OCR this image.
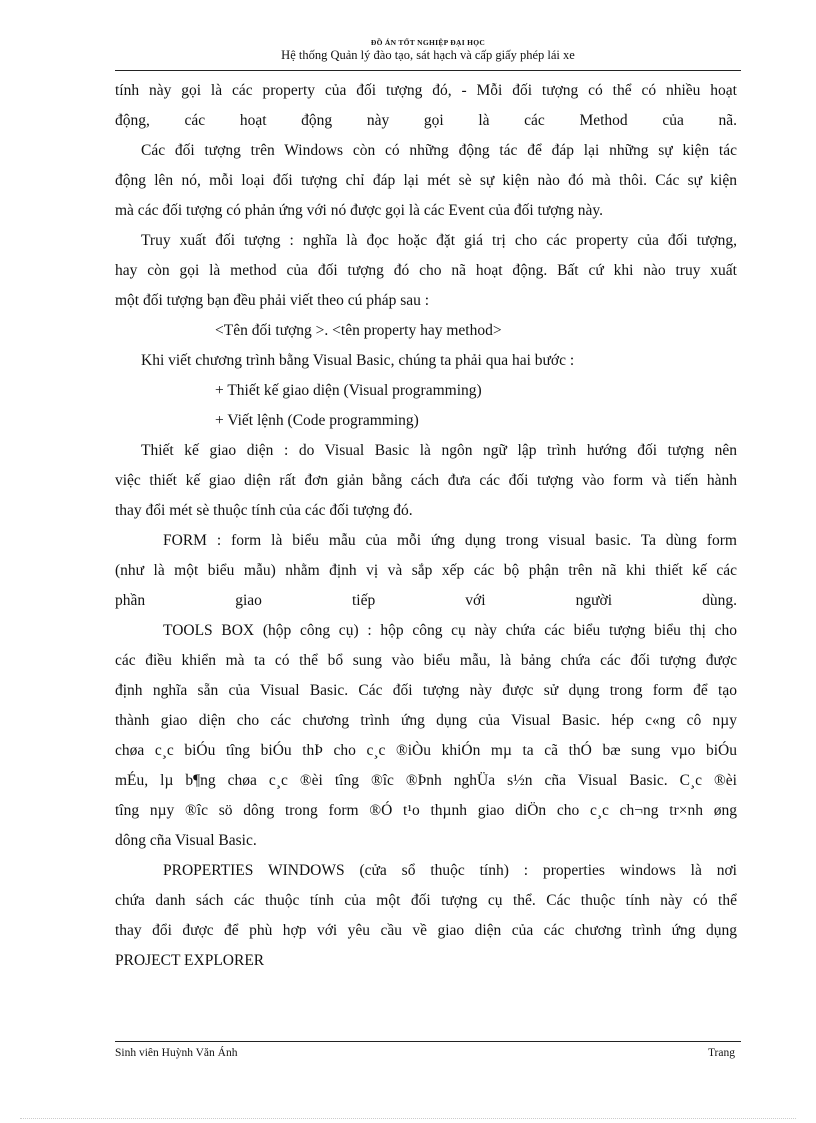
ĐỒ ÁN TỐT NGHIỆP ĐẠI HỌC
Hệ thống Quản lý đào tạo, sát hạch và cấp giấy phép lái xe
tính này gọi là các property của đối tượng đó, - Mỗi đối tượng có thể có nhiều hoạt
động, các hoạt động này gọi là các Method của nã.
Các đối tượng trên Windows còn có những động tác để đáp lại những sự kiện tác
động lên nó, mỗi loại đối tượng chỉ đáp lại mét sè sự kiện nào đó mà thôi. Các sự kiện
mà các đối tượng có phản ứng với nó được gọi là các Event của đối tượng này.
Truy xuất đối tượng : nghĩa là đọc hoặc đặt giá trị cho các property của đối tượng,
hay còn gọi là method của đối tượng đó cho nã hoạt động. Bất cứ khi nào truy xuất
một đối tượng bạn đều phải viết theo cú pháp sau :
<Tên đối tượng >. <tên property hay method>
Khi viết chương trình bằng Visual Basic, chúng ta phải qua hai bước :
+ Thiết kế giao diện (Visual programming)
+ Viết lệnh (Code programming)
Thiết kế giao diện : do Visual Basic là ngôn ngữ lập trình hướng đối tượng nên
việc thiết kế giao diện rất đơn giản bằng cách đưa các đối tượng vào form và tiến hành
thay đổi mét sè thuộc tính của các đối tượng đó.
FORM : form là biểu mẫu của mỗi ứng dụng trong visual basic. Ta dùng form
(như là một biểu mẫu) nhằm định vị và sắp xếp các bộ phận trên nã khi thiết kế các
phần giao tiếp với người dùng.
TOOLS BOX (hộp công cụ) : hộp công cụ này chứa các biểu tượng biểu thị cho
các điều khiển mà ta có thể bổ sung vào biểu mẫu, là bảng chứa các đối tượng được
định nghĩa sẵn của Visual Basic. Các đối tượng này được sử dụng trong form để tạo
thành giao diện cho các chương trình ứng dụng của Visual Basic. hép c«ng cô nµy
chøa c¸c biÓu tîng biÓu thÞ cho c¸c ®iÒu khiÓn mµ ta cã thÓ bæ sung vµo biÓu
mÉu, lµ b¶ng chøa c¸c ®èi tîng ®îc ®Þnh nghÜa s½n cña Visual Basic. C¸c ®èi
tîng nµy ®îc sö dông trong form ®Ó t¹o thµnh giao diÖn cho c¸c ch¬ng tr×nh øng
dông cña Visual Basic.
PROPERTIES WINDOWS (cửa sổ thuộc tính) : properties windows là nơi
chứa danh sách các thuộc tính của một đối tượng cụ thể. Các thuộc tính này có thể
thay đổi được để phù hợp với yêu cầu về giao diện của các chương trình ứng dụng
PROJECT EXPLORER
Sinh viên Huỳnh Văn Ánh	Trang
